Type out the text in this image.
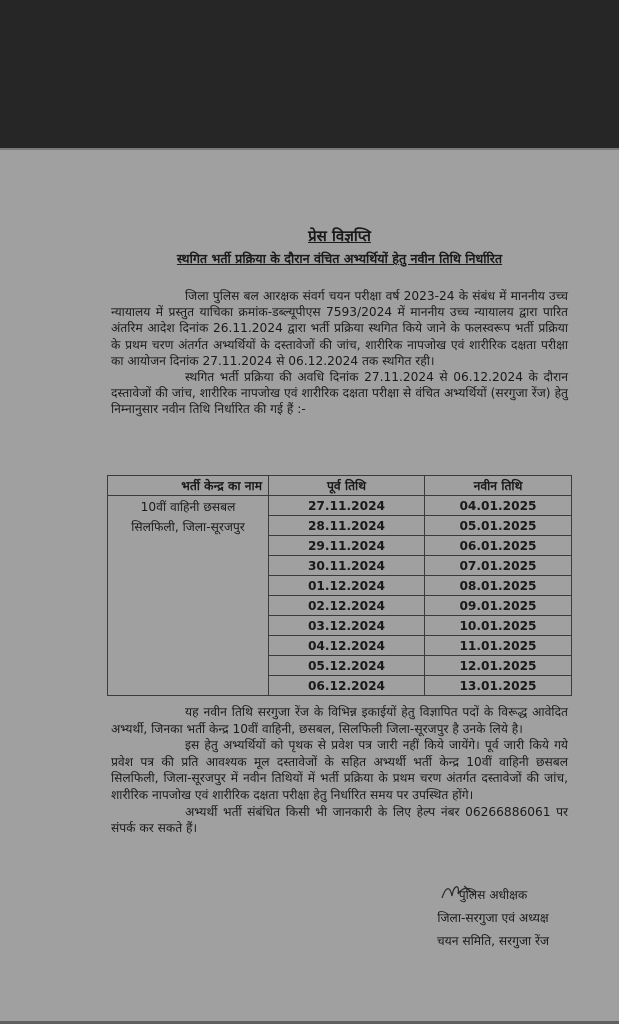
प्रेस विज्ञप्ति
स्थगित भर्ती प्रक्रिया के दौरान वंचित अभ्यर्थियों हेतु नवीन तिथि निर्धारित

जिला पुलिस बल आरक्षक संवर्ग चयन परीक्षा वर्ष 2023-24 के संबंध में माननीय उच्च न्यायालय में प्रस्तुत याचिका क्रमांक-डब्ल्यूपीएस 7593/2024 में माननीय उच्च न्यायालय द्वारा पारित अंतरिम आदेश दिनांक 26.11.2024 द्वारा भर्ती प्रक्रिया स्थगित किये जाने के फलस्वरूप भर्ती प्रक्रिया के प्रथम चरण अंतर्गत अभ्यर्थियों के दस्तावेजों की जांच, शारीरिक नापजोख एवं शारीरिक दक्षता परीक्षा का आयोजन दिनांक 27.11.2024 से 06.12.2024 तक स्थगित रही।

स्थगित भर्ती प्रक्रिया की अवधि दिनांक 27.11.2024 से 06.12.2024 के दौरान दस्तावेजों की जांच, शारीरिक नापजोख एवं शारीरिक दक्षता परीक्षा से वंचित अभ्यर्थियों (सरगुजा रेंज) हेतु निम्नानुसार नवीन तिथि निर्धारित की गई हैं :-

भर्ती केन्द्र का नाम	पूर्व तिथि	नवीन तिथि

10वीं वाहिनी छसबल
सिलफिली, जिला-सूरजपुर	27.11.2024	04.01.2025
	28.11.2024	05.01.2025
	29.11.2024	06.01.2025
	30.11.2024	07.01.2025
	01.12.2024	08.01.2025
	02.12.2024	09.01.2025
	03.12.2024	10.01.2025
	04.12.2024	11.01.2025
	05.12.2024	12.01.2025
	06.12.2024	13.01.2025

यह नवीन तिथि सरगुजा रेंज के विभिन्न इकाईयों हेतु विज्ञापित पदों के विरूद्ध आवेदित अभ्यर्थी, जिनका भर्ती केन्द्र 10वीं वाहिनी, छसबल, सिलफिली जिला-सूरजपुर है उनके लिये है।

इस हेतु अभ्यर्थियों को पृथक से प्रवेश पत्र जारी नहीं किये जायेंगे। पूर्व जारी किये गये प्रवेश पत्र की प्रति आवश्यक मूल दस्तावेजों के सहित अभ्यर्थी भर्ती केन्द्र 10वीं वाहिनी छसबल सिलफिली, जिला-सूरजपुर में नवीन तिथियों में भर्ती प्रक्रिया के प्रथम चरण अंतर्गत दस्तावेजों की जांच, शारीरिक नापजोख एवं शारीरिक दक्षता परीक्षा हेतु निर्धारित समय पर उपस्थित होंगे।

अभ्यर्थी भर्ती संबंधित किसी भी जानकारी के लिए हेल्प नंबर 06266886061 पर संपर्क कर सकते हैं।

पुलिस अधीक्षक
जिला-सरगुजा एवं अध्यक्ष
चयन समिति, सरगुजा रेंज
